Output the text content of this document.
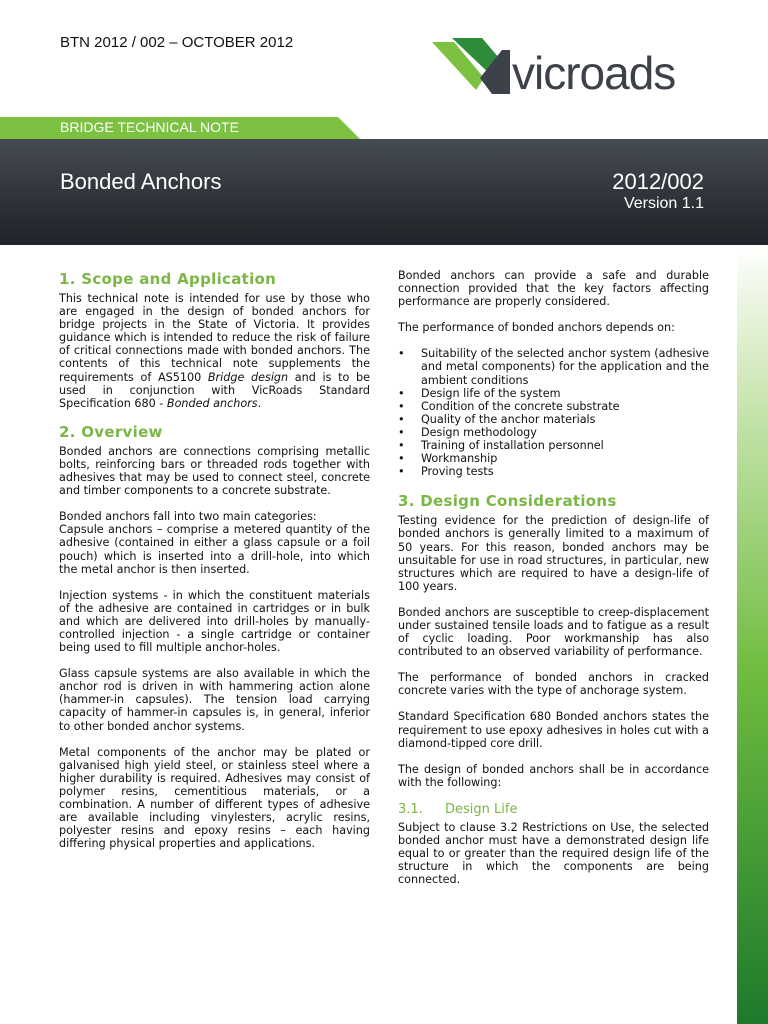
BTN 2012 / 002 – OCTOBER 2012
vicroads
BRIDGE TECHNICAL NOTE
Bonded Anchors	2012/002
Version 1.1
1. Scope and Application

This technical note is intended for use by those who are engaged in the design of bonded anchors for bridge projects in the State of Victoria. It provides guidance which is intended to reduce the risk of failure of critical connections made with bonded anchors. The contents of this technical note supplements the requirements of AS5100 Bridge design and is to be used in conjunction with VicRoads Standard Specification 680 - Bonded anchors.

2. Overview

Bonded anchors are connections comprising metallic bolts, reinforcing bars or threaded rods together with adhesives that may be used to connect steel, concrete and timber components to a concrete substrate.

Bonded anchors fall into two main categories:

Capsule anchors – comprise a metered quantity of the adhesive (contained in either a glass capsule or a foil pouch) which is inserted into a drill-hole, into which the metal anchor is then inserted.

Injection systems - in which the constituent materials of the adhesive are contained in cartridges or in bulk and which are delivered into drill-holes by manually-controlled injection - a single cartridge or container being used to fill multiple anchor-holes.

Glass capsule systems are also available in which the anchor rod is driven in with hammering action alone (hammer-in capsules). The tension load carrying capacity of hammer-in capsules is, in general, inferior to other bonded anchor systems.

Metal components of the anchor may be plated or galvanised high yield steel, or stainless steel where a higher durability is required. Adhesives may consist of polymer resins, cementitious materials, or a combination. A number of different types of adhesive are available including vinylesters, acrylic resins, polyester resins and epoxy resins – each having differing physical properties and applications.

Bonded anchors can provide a safe and durable connection provided that the key factors affecting performance are properly considered.

The performance of bonded anchors depends on:

• Suitability of the selected anchor system (adhesive and metal components) for the application and the ambient conditions
• Design life of the system
• Condition of the concrete substrate
• Quality of the anchor materials
• Design methodology
• Training of installation personnel
• Workmanship
• Proving tests
3. Design Considerations

Testing evidence for the prediction of design-life of bonded anchors is generally limited to a maximum of 50 years. For this reason, bonded anchors may be unsuitable for use in road structures, in particular, new structures which are required to have a design-life of 100 years.

Bonded anchors are susceptible to creep-displacement under sustained tensile loads and to fatigue as a result of cyclic loading. Poor workmanship has also contributed to an observed variability of performance.

The performance of bonded anchors in cracked concrete varies with the type of anchorage system.

Standard Specification 680 Bonded anchors states the requirement to use epoxy adhesives in holes cut with a diamond-tipped core drill.

The design of bonded anchors shall be in accordance with the following:

3.1. Design Life

Subject to clause 3.2 Restrictions on Use, the selected bonded anchor must have a demonstrated design life equal to or greater than the required design life of the structure in which the components are being connected.
